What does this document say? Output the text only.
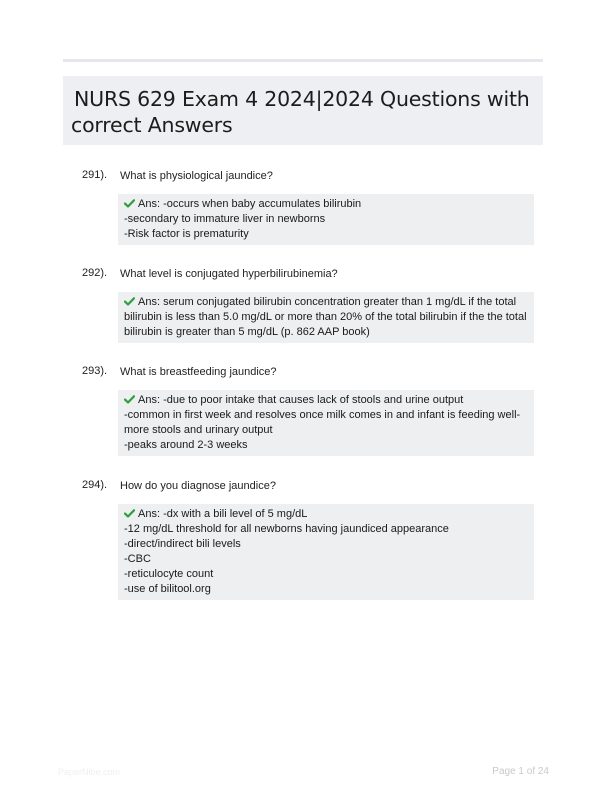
NURS 629 Exam 4 2024|2024 Questions with
correct Answers
291). What is physiological jaundice?
Ans: -occurs when baby accumulates bilirubin
-secondary to immature liver in newborns
-Risk factor is prematurity
292). What level is conjugated hyperbilirubinemia?
Ans: serum conjugated bilirubin concentration greater than 1 mg/dL if the total
bilirubin is less than 5.0 mg/dL or more than 20% of the total bilirubin if the the total
bilirubin is greater than 5 mg/dL (p. 862 AAP book)
293). What is breastfeeding jaundice?
Ans: -due to poor intake that causes lack of stools and urine output
-common in first week and resolves once milk comes in and infant is feeding well-
more stools and urinary output
-peaks around 2-3 weeks
294). How do you diagnose jaundice?
Ans: -dx with a bili level of 5 mg/dL
-12 mg/dL threshold for all newborns having jaundiced appearance
-direct/indirect bili levels
-CBC
-reticulocyte count
-use of bilitool.org
PaperNibe.com	Page 1 of 24
